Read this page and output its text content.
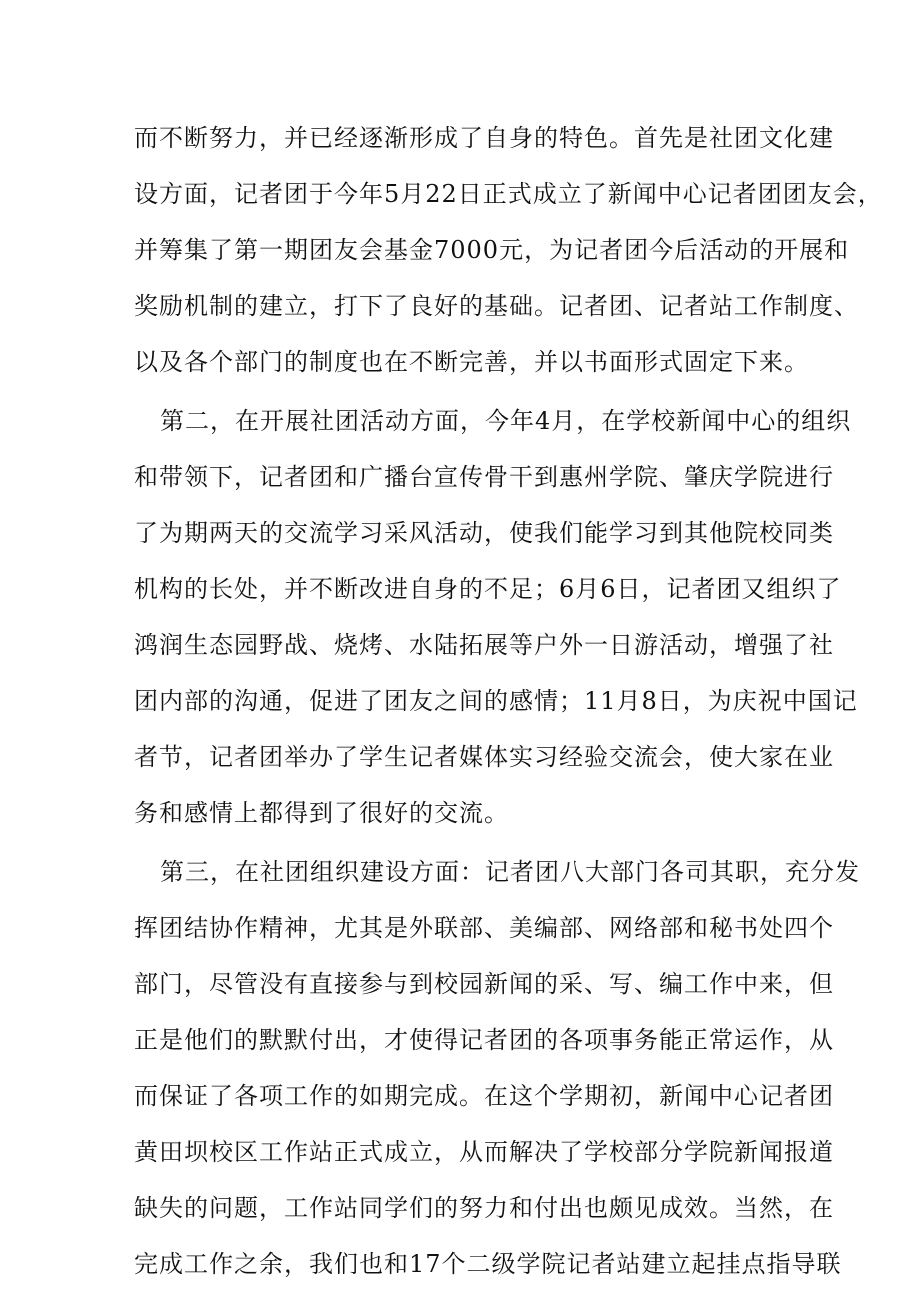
而不断努力，并已经逐渐形成了自身的特色。首先是社团文化建
设方面，记者团于今年5月22日正式成立了新闻中心记者团团友会，
并筹集了第一期团友会基金7000元，为记者团今后活动的开展和
奖励机制的建立，打下了良好的基础。记者团、记者站工作制度、
以及各个部门的制度也在不断完善，并以书面形式固定下来。
第二，在开展社团活动方面，今年4月，在学校新闻中心的组织
和带领下，记者团和广播台宣传骨干到惠州学院、肇庆学院进行
了为期两天的交流学习采风活动，使我们能学习到其他院校同类
机构的长处，并不断改进自身的不足；6月6日，记者团又组织了
鸿润生态园野战、烧烤、水陆拓展等户外一日游活动，增强了社
团内部的沟通，促进了团友之间的感情；11月8日，为庆祝中国记
者节，记者团举办了学生记者媒体实习经验交流会，使大家在业
务和感情上都得到了很好的交流。
第三，在社团组织建设方面：记者团八大部门各司其职，充分发
挥团结协作精神，尤其是外联部、美编部、网络部和秘书处四个
部门，尽管没有直接参与到校园新闻的采、写、编工作中来，但
正是他们的默默付出，才使得记者团的各项事务能正常运作，从
而保证了各项工作的如期完成。在这个学期初，新闻中心记者团
黄田坝校区工作站正式成立，从而解决了学校部分学院新闻报道
缺失的问题，工作站同学们的努力和付出也颇见成效。当然，在
完成工作之余，我们也和17个二级学院记者站建立起挂点指导联
